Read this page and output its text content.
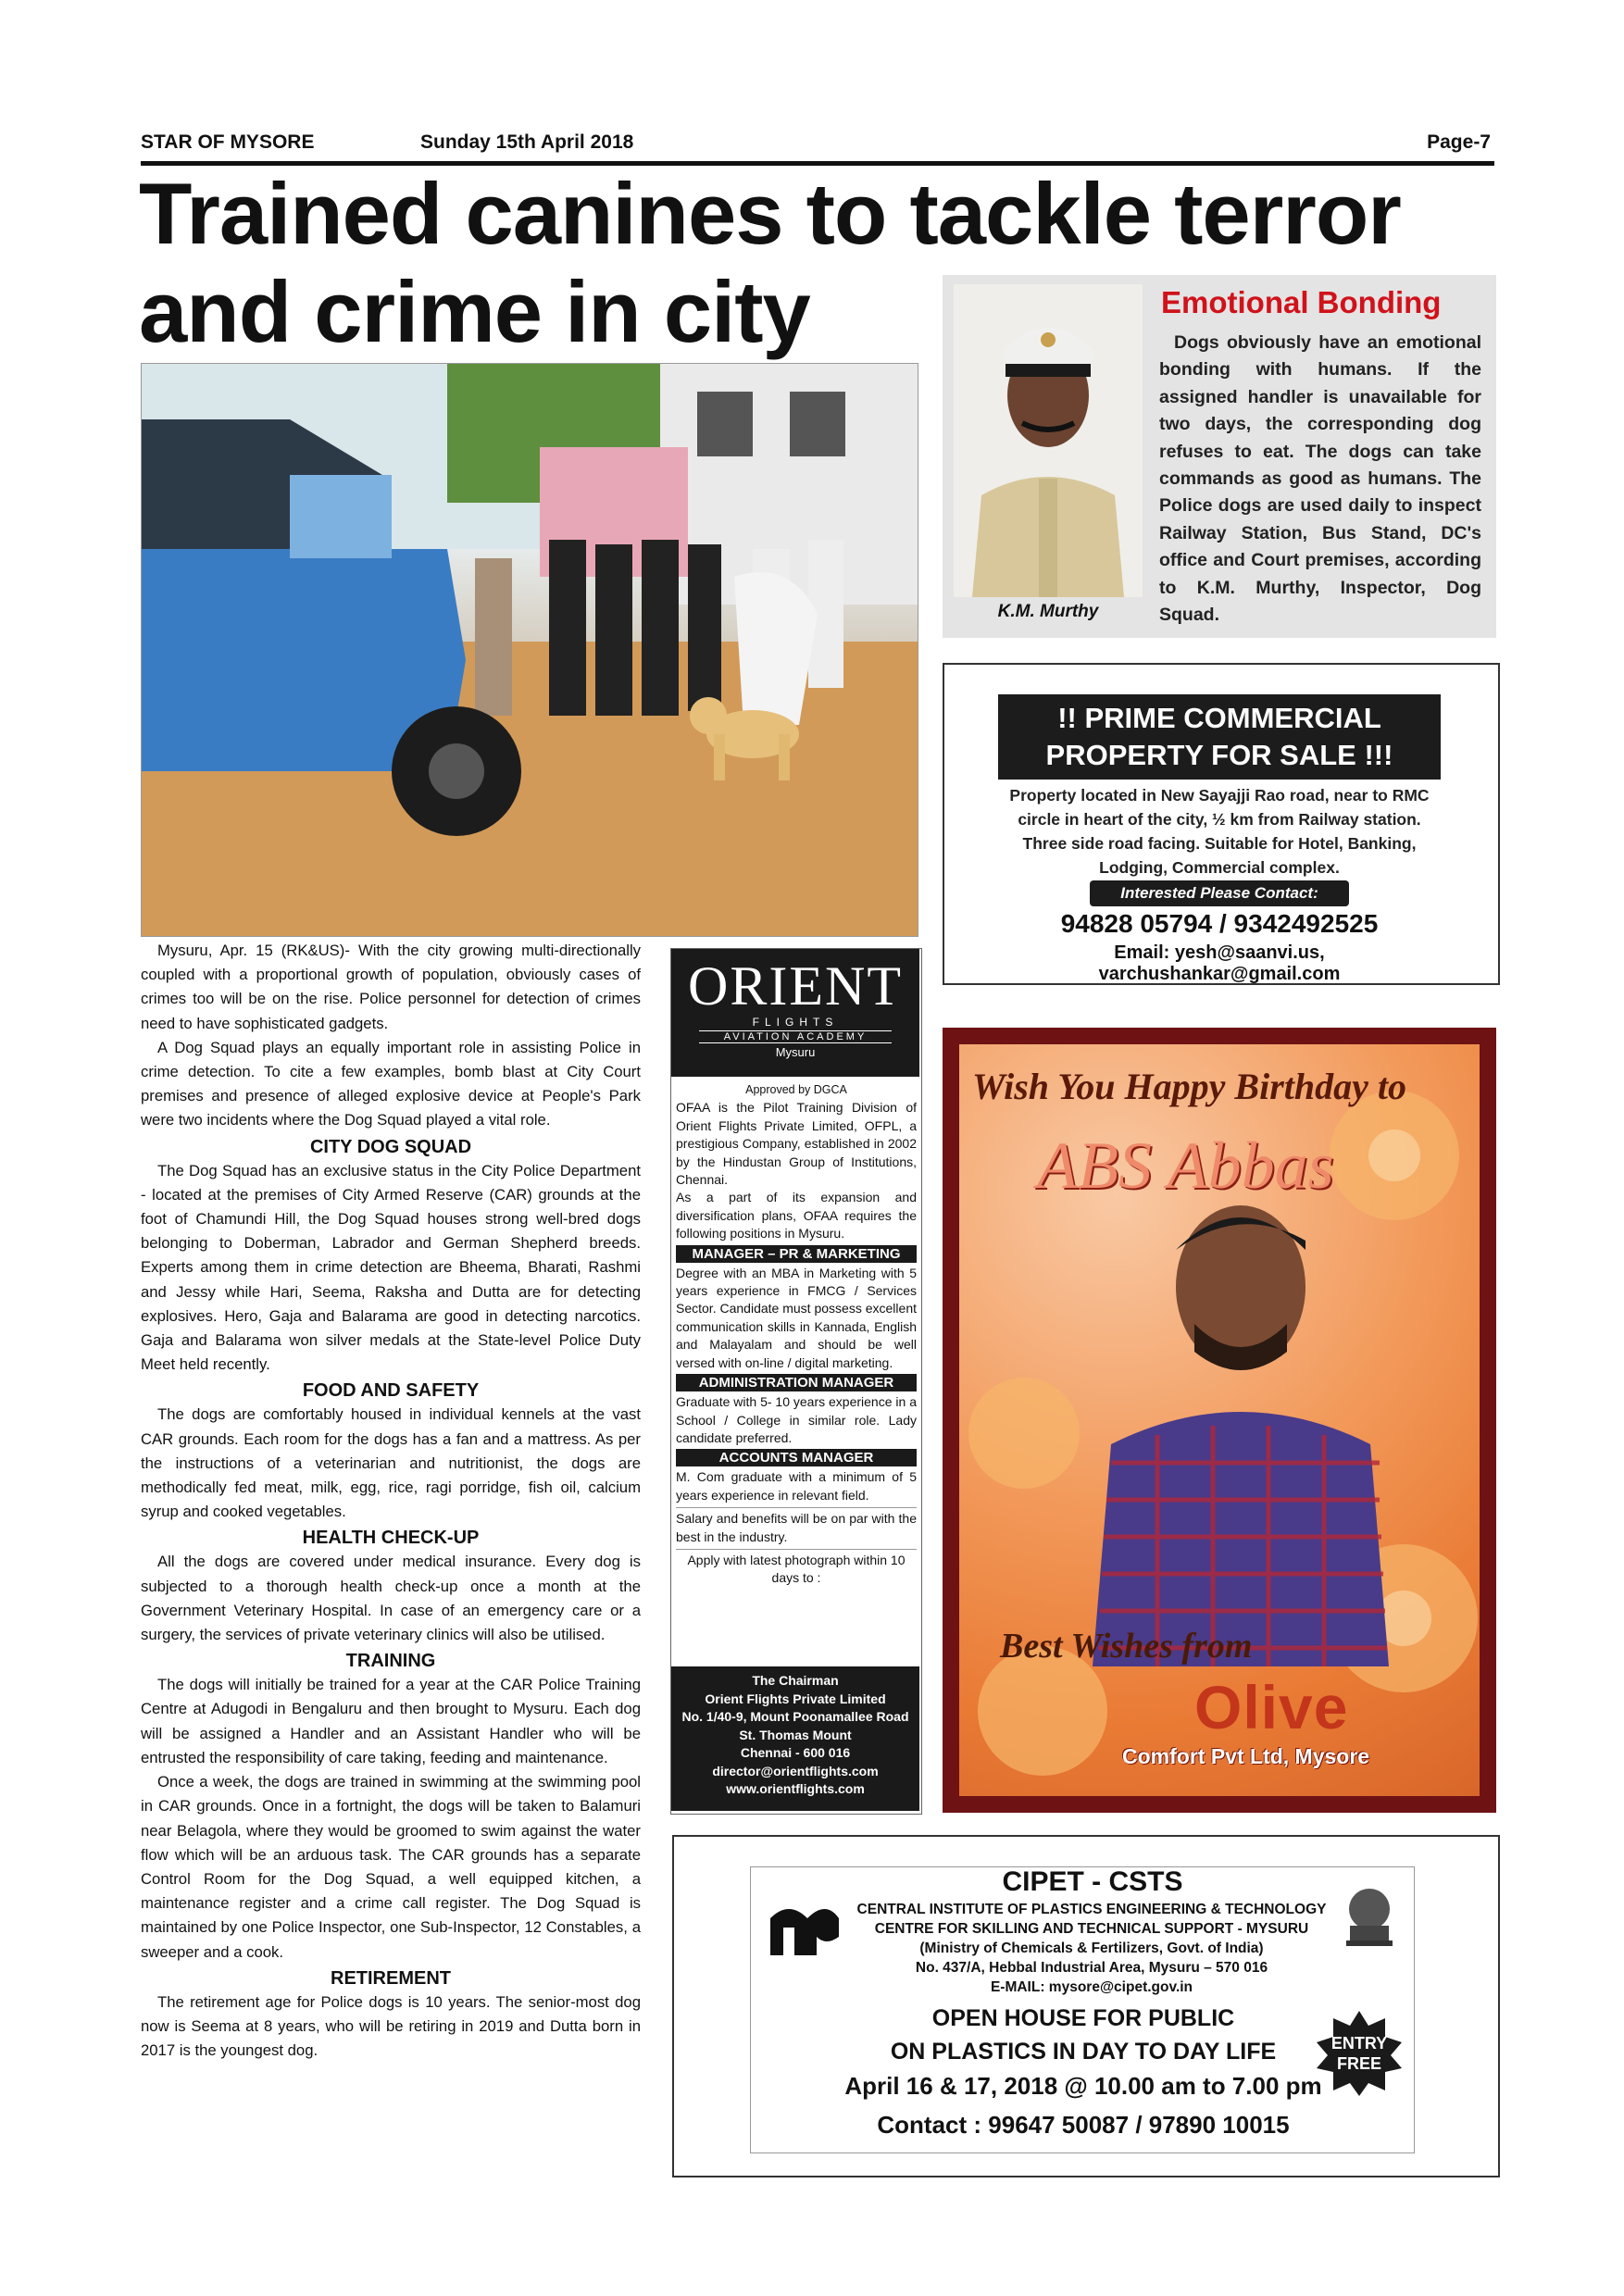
STAR OF MYSORE	Sunday 15th April 2018	Page-7
Trained canines to tackle terror
and crime in city

Mysuru, Apr. 15 (RK&US)- With the city growing multi-directionally coupled with a proportional growth of population, obviously cases of crimes too will be on the rise. Police personnel for detection of crimes need to have sophisticated gadgets.

A Dog Squad plays an equally important role in assisting Police in crime detection. To cite a few examples, bomb blast at City Court premises and presence of alleged explosive device at People's Park were two incidents where the Dog Squad played a vital role.

CITY DOG SQUAD

The Dog Squad has an exclusive status in the City Police Department - located at the premises of City Armed Reserve (CAR) grounds at the foot of Chamundi Hill, the Dog Squad houses strong well-bred dogs belonging to Doberman, Labrador and German Shepherd breeds. Experts among them in crime detection are Bheema, Bharati, Rashmi and Jessy while Hari, Seema, Raksha and Dutta are for detecting explosives. Hero, Gaja and Balarama are good in detecting narcotics. Gaja and Balarama won silver medals at the State-level Police Duty Meet held recently.

FOOD AND SAFETY

The dogs are comfortably housed in individual kennels at the vast CAR grounds. Each room for the dogs has a fan and a mattress. As per the instructions of a veterinarian and nutritionist, the dogs are methodically fed meat, milk, egg, rice, ragi porridge, fish oil, calcium syrup and cooked vegetables.

HEALTH CHECK-UP

All the dogs are covered under medical insurance. Every dog is subjected to a thorough health check-up once a month at the Government Veterinary Hospital. In case of an emergency care or a surgery, the services of private veterinary clinics will also be utilised.

TRAINING

The dogs will initially be trained for a year at the CAR Police Training Centre at Adugodi in Bengaluru and then brought to Mysuru. Each dog will be assigned a Handler and an Assistant Handler who will be entrusted the responsibility of care taking, feeding and maintenance.

Once a week, the dogs are trained in swimming at the swimming pool in CAR grounds. Once in a fortnight, the dogs will be taken to Balamuri near Belagola, where they would be groomed to swim against the water flow which will be an arduous task. The CAR grounds has a separate Control Room for the Dog Squad, a well equipped kitchen, a maintenance register and a crime call register. The Dog Squad is maintained by one Police Inspector, one Sub-Inspector, 12 Constables, a sweeper and a cook.

RETIREMENT

The retirement age for Police dogs is 10 years. The senior-most dog now is Seema at 8 years, who will be retiring in 2019 and Dutta born in 2017 is the youngest dog.

K.M. Murthy
Emotional Bonding
Dogs obviously have an emotional bonding with humans. If the assigned handler is unavailable for two days, the corresponding dog refuses to eat. The dogs can take commands as good as humans. The Police dogs are used daily to inspect Railway Station, Bus Stand, DC's office and Court premises, according to K.M. Murthy, Inspector, Dog Squad.
!! PRIME COMMERCIAL
PROPERTY FOR SALE !!!
Property located in New Sayajji Rao road, near to RMC circle in heart of the city, ½ km from Railway station. Three side road facing. Suitable for Hotel, Banking, Lodging, Commercial complex.
Interested Please Contact:
94828 05794 / 9342492525
Email: yesh@saanvi.us, varchushankar@gmail.com
ORIENT
FLIGHTS
AVIATION ACADEMY
Mysuru
Approved by DGCA
OFAA is the Pilot Training Division of Orient Flights Private Limited, OFPL, a prestigious Company, established in 2002 by the Hindustan Group of Institutions, Chennai.
As a part of its expansion and diversification plans, OFAA requires the following positions in Mysuru.
MANAGER – PR & MARKETING
Degree with an MBA in Marketing with 5 years experience in FMCG / Services Sector. Candidate must possess excellent communication skills in Kannada, English and Malayalam and should be well versed with on-line / digital marketing.
ADMINISTRATION MANAGER
Graduate with 5- 10 years experience in a School / College in similar role. Lady candidate preferred.
ACCOUNTS MANAGER
M. Com graduate with a minimum of 5 years experience in relevant field.
Salary and benefits will be on par with the best in the industry.
Apply with latest photograph within 10 days to :
The Chairman
Orient Flights Private Limited
No. 1/40-9, Mount Poonamallee Road
St. Thomas Mount
Chennai - 600 016
director@orientflights.com
www.orientflights.com
Wish You Happy Birthday to
ABS Abbas
Best Wishes from
Olive
Comfort Pvt Ltd, Mysore
CIPET - CSTS
CENTRAL INSTITUTE OF PLASTICS ENGINEERING & TECHNOLOGY
CENTRE FOR SKILLING AND TECHNICAL SUPPORT - MYSURU
(Ministry of Chemicals & Fertilizers, Govt. of India)
No. 437/A, Hebbal Industrial Area, Mysuru – 570 016
E-MAIL: mysore@cipet.gov.in
OPEN HOUSE FOR PUBLIC
ON PLASTICS IN DAY TO DAY LIFE	ENTRY
FREE
April 16 & 17, 2018 @ 10.00 am to 7.00 pm
Contact : 99647 50087 / 97890 10015
